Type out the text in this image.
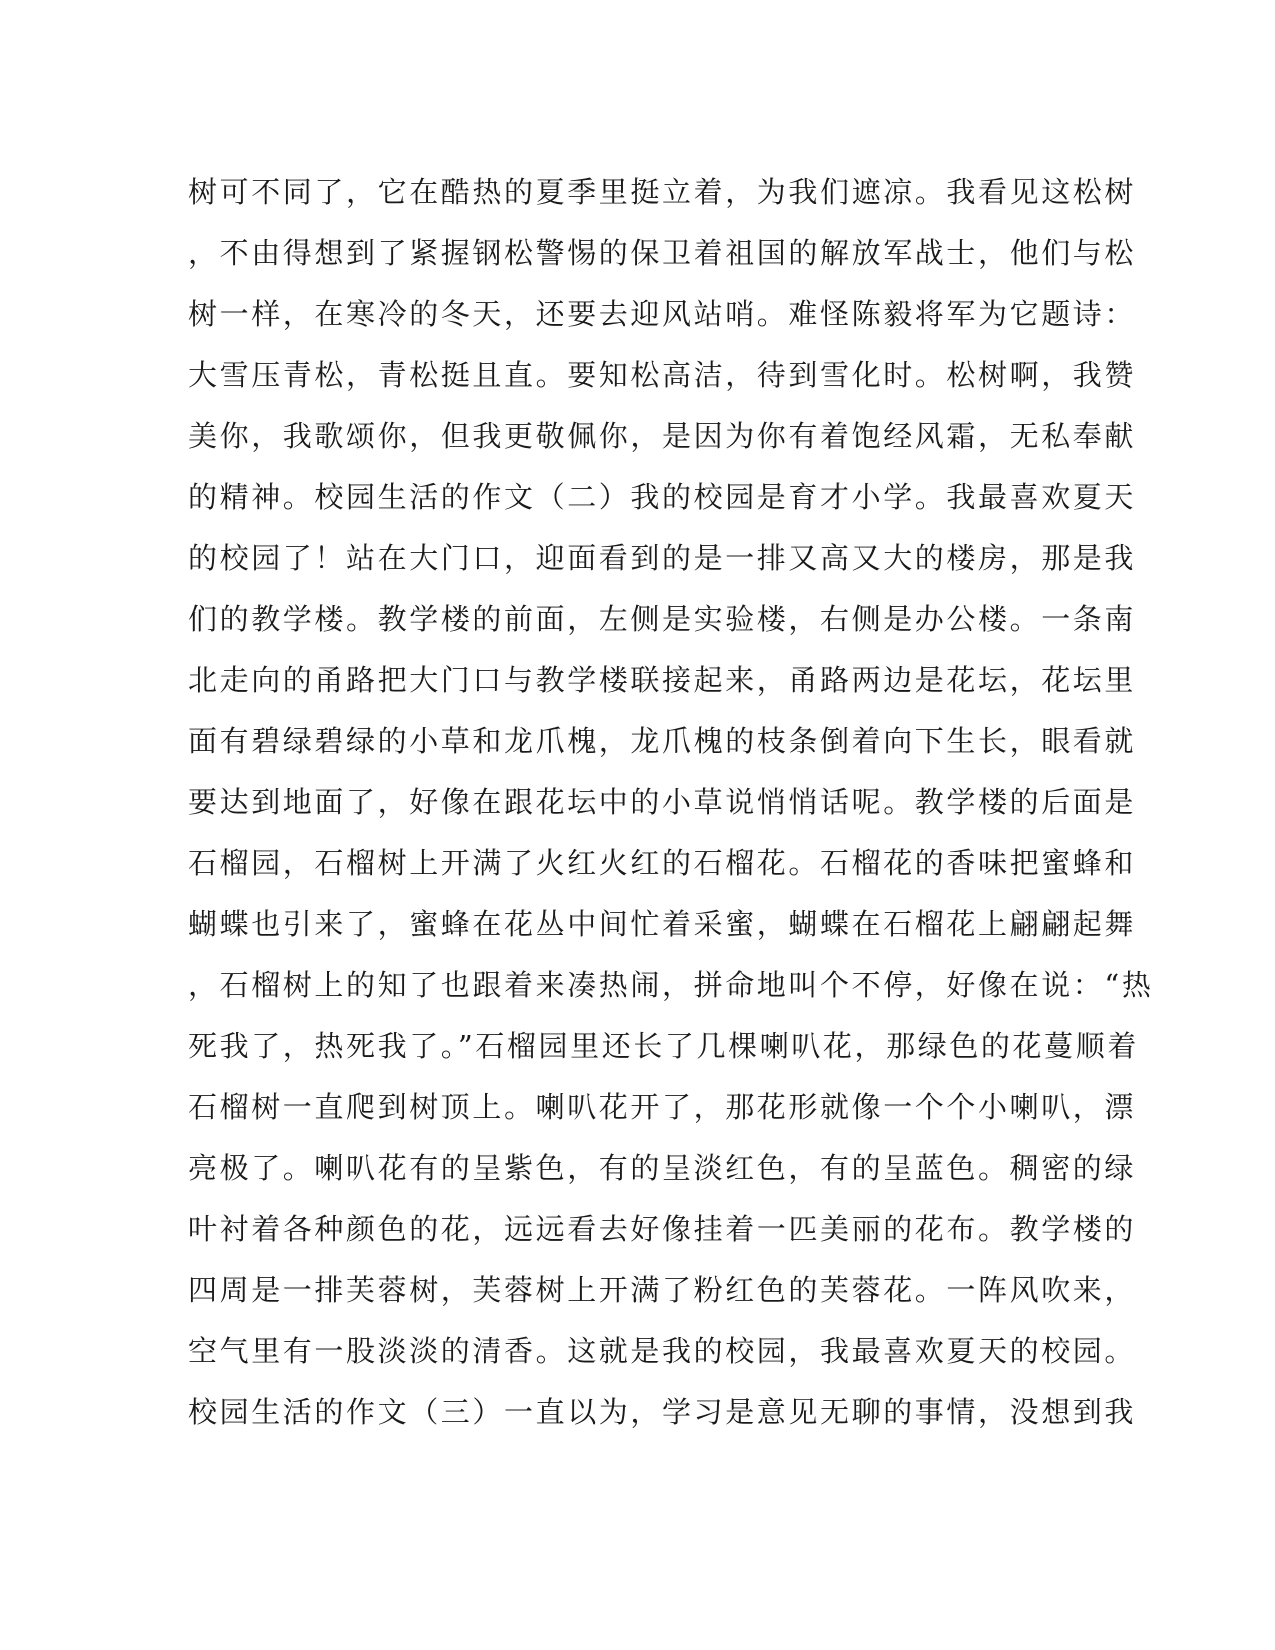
树可不同了，它在酷热的夏季里挺立着，为我们遮凉。我看见这松树
，不由得想到了紧握钢松警惕的保卫着祖国的解放军战士，他们与松
树一样，在寒冷的冬天，还要去迎风站哨。难怪陈毅将军为它题诗：
大雪压青松，青松挺且直。要知松高洁，待到雪化时。松树啊，我赞
美你，我歌颂你，但我更敬佩你，是因为你有着饱经风霜，无私奉献
的精神。校园生活的作文（二）我的校园是育才小学。我最喜欢夏天
的校园了！站在大门口，迎面看到的是一排又高又大的楼房，那是我
们的教学楼。教学楼的前面，左侧是实验楼，右侧是办公楼。一条南
北走向的甬路把大门口与教学楼联接起来，甬路两边是花坛，花坛里
面有碧绿碧绿的小草和龙爪槐，龙爪槐的枝条倒着向下生长，眼看就
要达到地面了，好像在跟花坛中的小草说悄悄话呢。教学楼的后面是
石榴园，石榴树上开满了火红火红的石榴花。石榴花的香味把蜜蜂和
蝴蝶也引来了，蜜蜂在花丛中间忙着采蜜，蝴蝶在石榴花上翩翩起舞
，石榴树上的知了也跟着来凑热闹，拼命地叫个不停，好像在说：“热
死我了，热死我了。”石榴园里还长了几棵喇叭花，那绿色的花蔓顺着
石榴树一直爬到树顶上。喇叭花开了，那花形就像一个个小喇叭，漂
亮极了。喇叭花有的呈紫色，有的呈淡红色，有的呈蓝色。稠密的绿
叶衬着各种颜色的花，远远看去好像挂着一匹美丽的花布。教学楼的
四周是一排芙蓉树，芙蓉树上开满了粉红色的芙蓉花。一阵风吹来，
空气里有一股淡淡的清香。这就是我的校园，我最喜欢夏天的校园。
校园生活的作文（三）一直以为，学习是意见无聊的事情，没想到我
